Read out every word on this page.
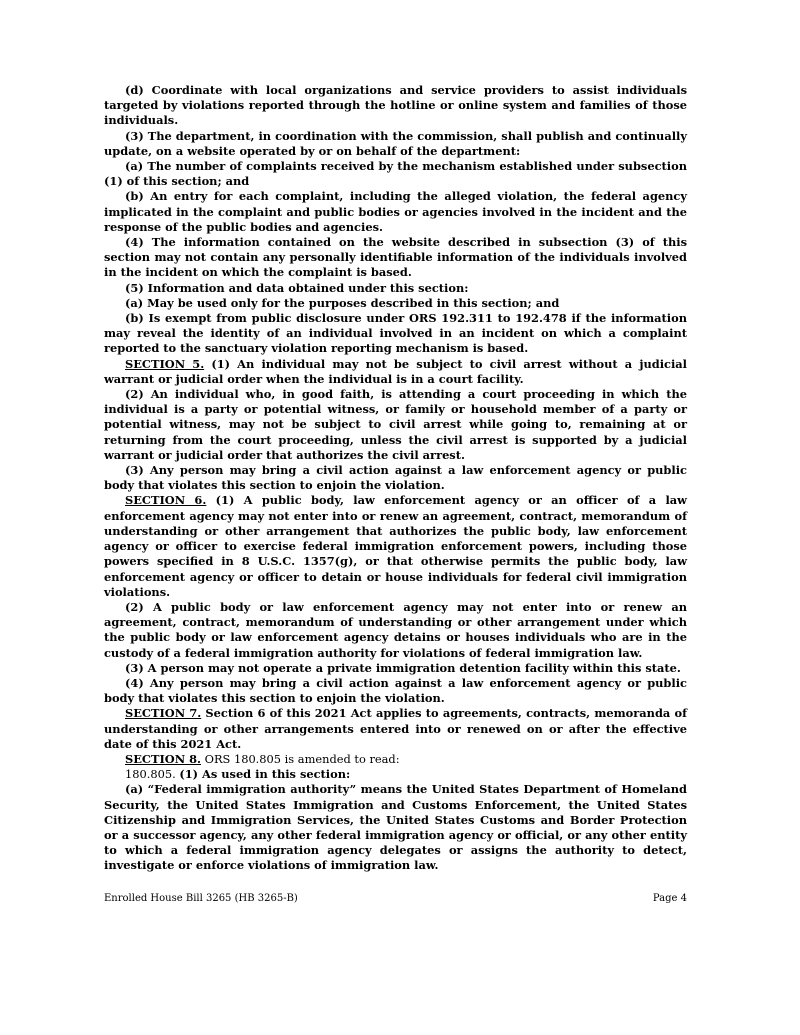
(d) Coordinate with local organizations and service providers to assist individuals targeted by violations reported through the hotline or online system and families of those individuals.

(3) The department, in coordination with the commission, shall publish and continually update, on a website operated by or on behalf of the department:

(a) The number of complaints received by the mechanism established under subsection (1) of this section; and

(b) An entry for each complaint, including the alleged violation, the federal agency implicated in the complaint and public bodies or agencies involved in the incident and the response of the public bodies and agencies.

(4) The information contained on the website described in subsection (3) of this section may not contain any personally identifiable information of the individuals involved in the incident on which the complaint is based.

(5) Information and data obtained under this section:

(a) May be used only for the purposes described in this section; and

(b) Is exempt from public disclosure under ORS 192.311 to 192.478 if the information may reveal the identity of an individual involved in an incident on which a complaint reported to the sanctuary violation reporting mechanism is based.

SECTION 5. (1) An individual may not be subject to civil arrest without a judicial warrant or judicial order when the individual is in a court facility.

(2) An individual who, in good faith, is attending a court proceeding in which the individual is a party or potential witness, or family or household member of a party or potential witness, may not be subject to civil arrest while going to, remaining at or returning from the court proceeding, unless the civil arrest is supported by a judicial warrant or judicial order that authorizes the civil arrest.

(3) Any person may bring a civil action against a law enforcement agency or public body that violates this section to enjoin the violation.

SECTION 6. (1) A public body, law enforcement agency or an officer of a law enforcement agency may not enter into or renew an agreement, contract, memorandum of understanding or other arrangement that authorizes the public body, law enforcement agency or officer to exercise federal immigration enforcement powers, including those powers specified in 8 U.S.C. 1357(g), or that otherwise permits the public body, law enforcement agency or officer to detain or house individuals for federal civil immigration violations.

(2) A public body or law enforcement agency may not enter into or renew an agreement, contract, memorandum of understanding or other arrangement under which the public body or law enforcement agency detains or houses individuals who are in the custody of a federal immigration authority for violations of federal immigration law.

(3) A person may not operate a private immigration detention facility within this state.

(4) Any person may bring a civil action against a law enforcement agency or public body that violates this section to enjoin the violation.

SECTION 7. Section 6 of this 2021 Act applies to agreements, contracts, memoranda of understanding or other arrangements entered into or renewed on or after the effective date of this 2021 Act.

SECTION 8. ORS 180.805 is amended to read:

180.805. (1) As used in this section:

(a) “Federal immigration authority” means the United States Department of Homeland Security, the United States Immigration and Customs Enforcement, the United States Citizenship and Immigration Services, the United States Customs and Border Protection or a successor agency, any other federal immigration agency or official, or any other entity to which a federal immigration agency delegates or assigns the authority to detect, investigate or enforce violations of immigration law.

Enrolled House Bill 3265 (HB 3265-B)	Page 4
